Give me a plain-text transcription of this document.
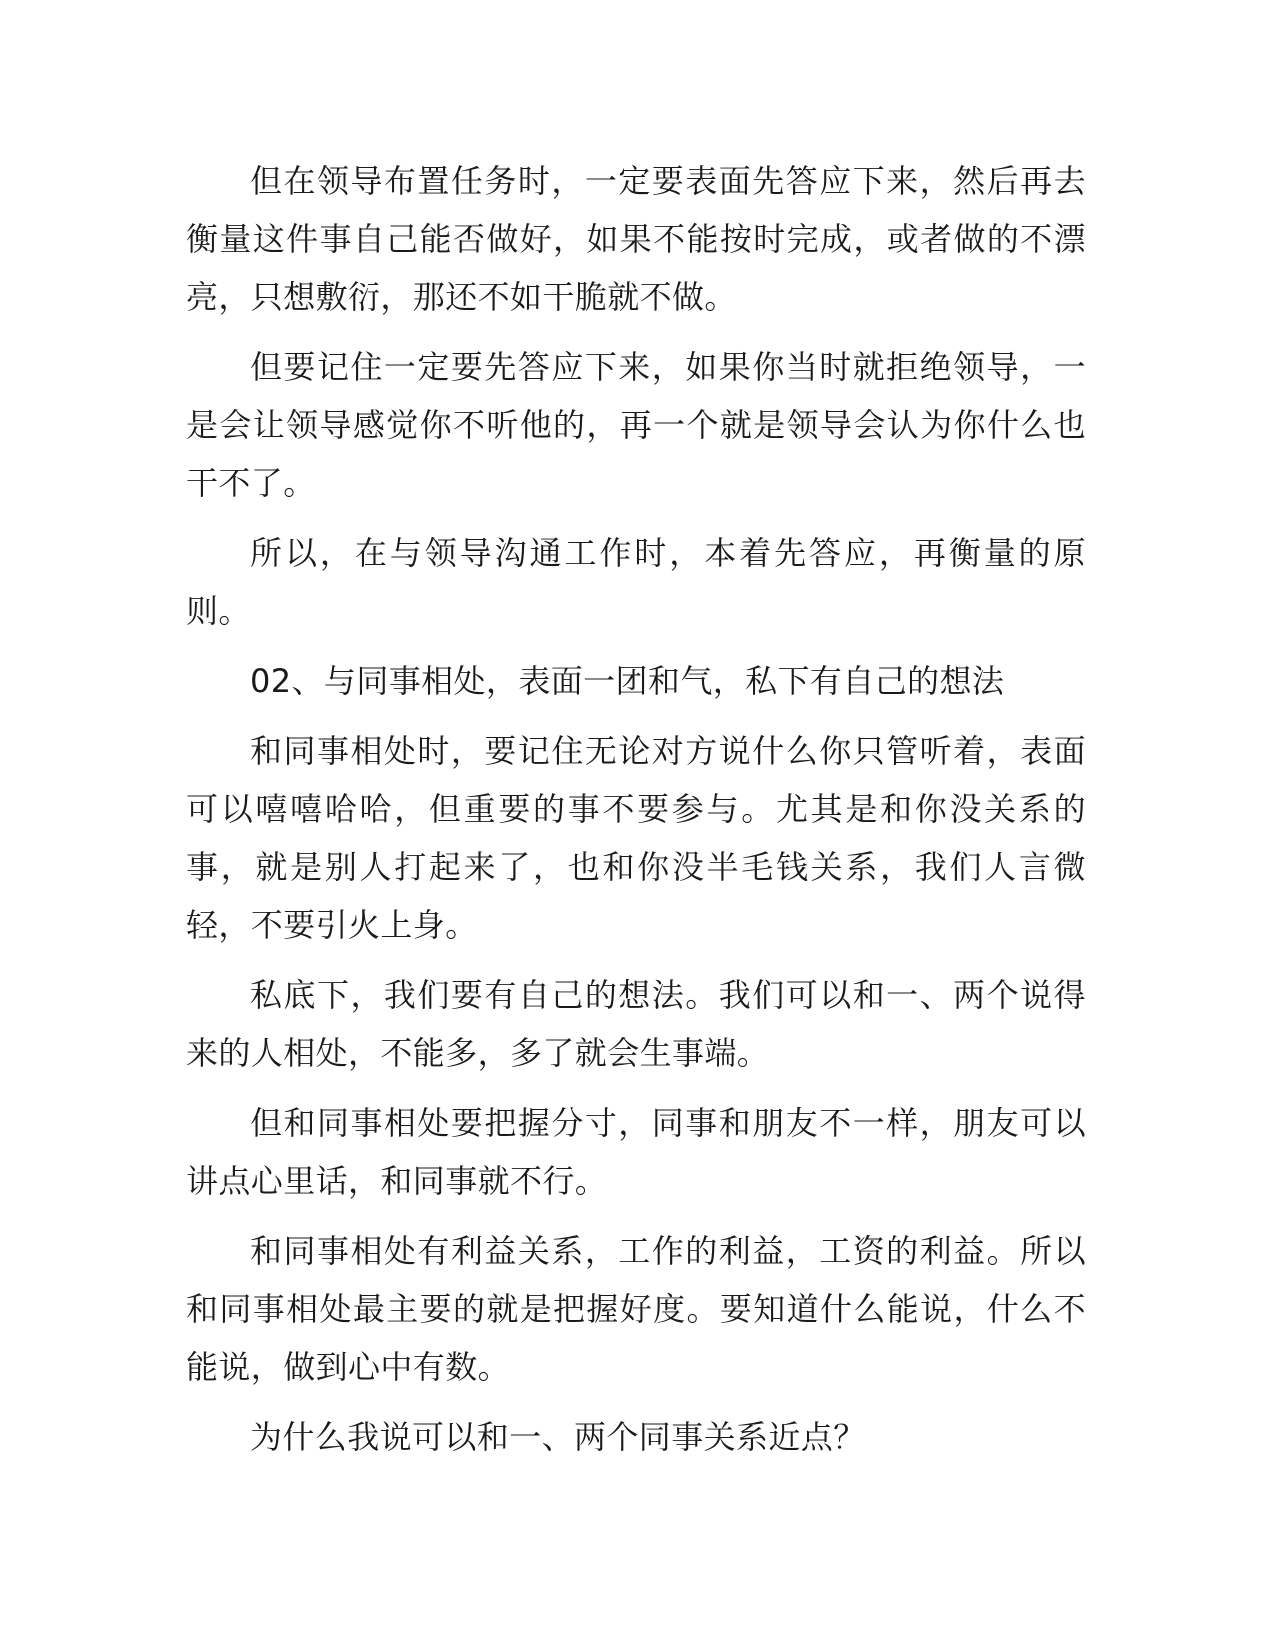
但在领导布置任务时，一定要表面先答应下来，然后再去衡量这件事自己能否做好，如果不能按时完成，或者做的不漂亮，只想敷衍，那还不如干脆就不做。

但要记住一定要先答应下来，如果你当时就拒绝领导，一是会让领导感觉你不听他的，再一个就是领导会认为你什么也干不了。

所以，在与领导沟通工作时，本着先答应，再衡量的原则。

02、与同事相处，表面一团和气，私下有自己的想法

和同事相处时，要记住无论对方说什么你只管听着，表面可以嘻嘻哈哈，但重要的事不要参与。尤其是和你没关系的事，就是别人打起来了，也和你没半毛钱关系，我们人言微轻，不要引火上身。

私底下，我们要有自己的想法。我们可以和一、两个说得来的人相处，不能多，多了就会生事端。

但和同事相处要把握分寸，同事和朋友不一样，朋友可以讲点心里话，和同事就不行。

和同事相处有利益关系，工作的利益，工资的利益。所以和同事相处最主要的就是把握好度。要知道什么能说，什么不能说，做到心中有数。

为什么我说可以和一、两个同事关系近点？
